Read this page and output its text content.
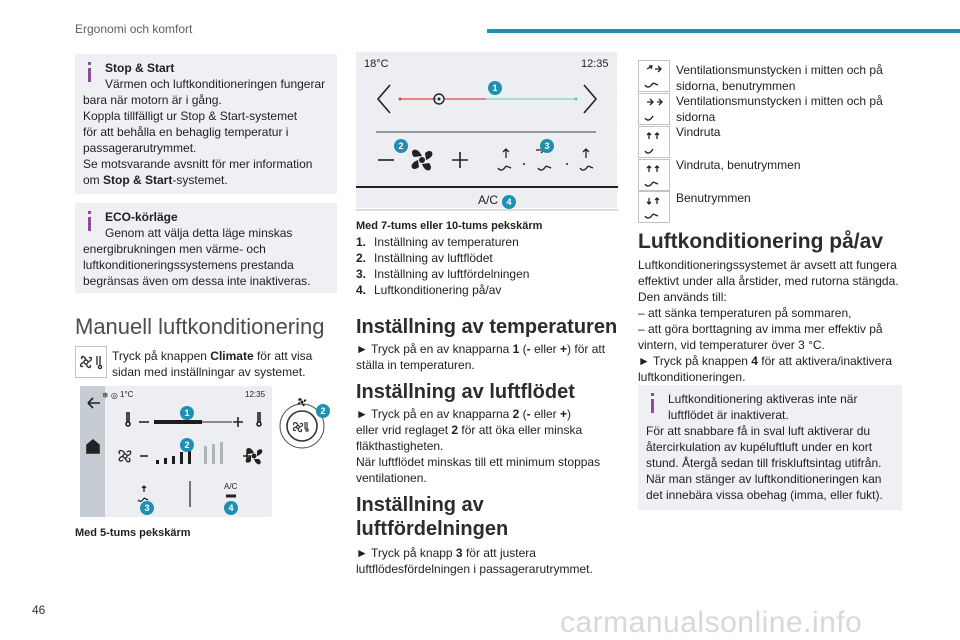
Ergonomi och komfort

Stop & Start

Värmen och luftkonditioneringen fungerar

bara när motorn är i gång.

Koppla tillfälligt ur Stop & Start-systemet

för att behålla en behaglig temperatur i

passagerarutrymmet.

Se motsvarande avsnitt för mer information

om Stop & Start-systemet.

ECO-körläge

Genom att välja detta läge minskas

energibrukningen men värme- och

luftkonditioneringssystemens prestanda

begränsas även om dessa inte inaktiveras.

Manuell luftkonditionering
Tryck på knappen Climate för att visa
sidan med inställningar av systemet.
❄ ◎ 1°C	12:35
A/C
1
2
3	4
2
Med 5-tums pekskärm
18°C	12:35
A/C
1
2	3
4
Med 7-tums eller 10-tums pekskärm
1. Inställning av temperaturen
2. Inställning av luftflödet
3. Inställning av luftfördelningen
4. Luftkonditionering på/av
Inställning av temperaturen
► Tryck på en av knapparna 1 (- eller +) för att
ställa in temperaturen.
Inställning av luftflödet
► Tryck på en av knapparna 2 (- eller +)
eller vrid reglaget 2 för att öka eller minska
fläkthastigheten.
När luftflödet minskas till ett minimum stoppas
ventilationen.
Inställning av
luftfördelningen
► Tryck på knapp 3 för att justera
luftflödesfördelningen i passagerarutrymmet.
Ventilationsmunstycken i mitten och på
sidorna, benutrymmen
Ventilationsmunstycken i mitten och på
sidorna
Vindruta
Vindruta, benutrymmen
Benutrymmen
Luftkonditionering på/av
Luftkonditioneringssystemet är avsett att fungera
effektivt under alla årstider, med rutorna stängda.
Den används till:
– att sänka temperaturen på sommaren,
– att göra borttagning av imma mer effektiv på
vintern, vid temperaturer över 3 °C.
► Tryck på knappen 4 för att aktivera/inaktivera
luftkonditioneringen.

Luftkonditionering aktiveras inte när

luftflödet är inaktiverat.

För att snabbare få in sval luft aktiverar du

återcirkulation av kupéluftluft under en kort

stund. Återgå sedan till friskluftsintag utifrån.

När man stänger av luftkonditioneringen kan

det innebära vissa obehag (imma, eller fukt).

46	carmanualsonline.info
